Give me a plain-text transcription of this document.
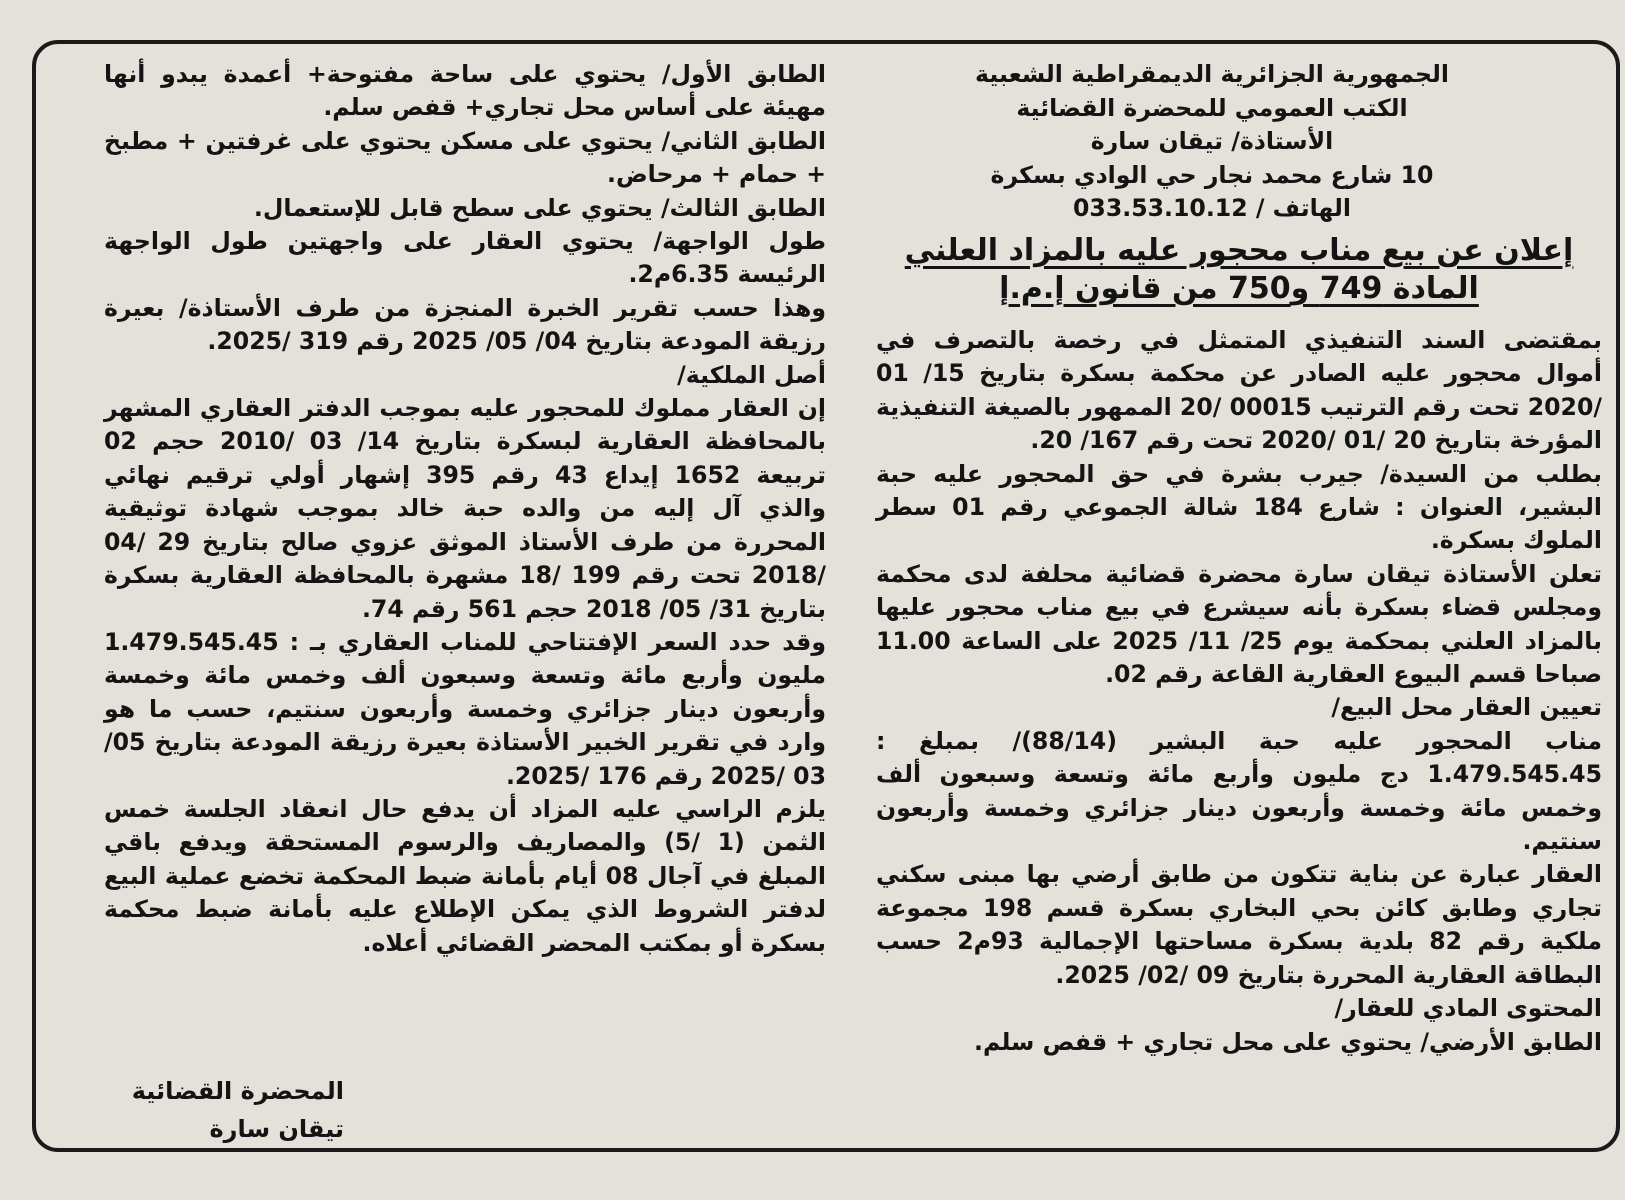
الجمهورية الجزائرية الديمقراطية الشعبية
الكتب العمومي للمحضرة القضائية
الأستاذة/ تيقان سارة
10 شارع محمد نجار حي الوادي بسكرة
الهاتف / 033.53.10.12
إعلان عن بيع مناب محجور عليه بالمزاد العلني
المادة 749 و750 من قانون إ.م.إ

بمقتضى السند التنفيذي المتمثل في رخصة بالتصرف في أموال محجور عليه الصادر عن محكمة بسكرة بتاريخ 15/ 01 /2020 تحت رقم الترتيب 00015 /20 الممهور بالصيغة التنفيذية المؤرخة بتاريخ 20 /01 /2020 تحت رقم 167/ 20.

بطلب من السيدة/ جيرب بشرة في حق المحجور عليه حبة البشير، العنوان : شارع 184 شالة الجموعي رقم 01 سطر الملوك بسكرة.

تعلن الأستاذة تيقان سارة محضرة قضائية محلفة لدى محكمة ومجلس قضاء بسكرة بأنه سيشرع في بيع مناب محجور عليها بالمزاد العلني بمحكمة يوم 25/ 11/ 2025 على الساعة 11.00 صباحا قسم البيوع العقارية القاعة رقم 02.

تعيين العقار محل البيع/

مناب المحجور عليه حبة البشير (88/14)/ بمبلغ : 1.479.545.45 دج مليون وأربع مائة وتسعة وسبعون ألف وخمس مائة وخمسة وأربعون دينار جزائري وخمسة وأربعون سنتيم.

العقار عبارة عن بناية تتكون من طابق أرضي بها مبنى سكني تجاري وطابق كائن بحي البخاري بسكرة قسم 198 مجموعة ملكية رقم 82 بلدية بسكرة مساحتها الإجمالية 93م2 حسب البطاقة العقارية المحررة بتاريخ 09 /02/ 2025.

المحتوى المادي للعقار/

الطابق الأرضي/ يحتوي على محل تجاري + قفص سلم.

الطابق الأول/ يحتوي على ساحة مفتوحة+ أعمدة يبدو أنها مهيئة على أساس محل تجاري+ قفص سلم.

الطابق الثاني/ يحتوي على مسكن يحتوي على غرفتين + مطبخ + حمام + مرحاض.

الطابق الثالث/ يحتوي على سطح قابل للإستعمال.

طول الواجهة/ يحتوي العقار على واجهتين طول الواجهة الرئيسة 6.35م2.

وهذا حسب تقرير الخبرة المنجزة من طرف الأستاذة/ بعيرة رزيقة المودعة بتاريخ 04/ 05/ 2025 رقم 319 /2025.

أصل الملكية/

إن العقار مملوك للمحجور عليه بموجب الدفتر العقاري المشهر بالمحافظة العقارية لبسكرة بتاريخ 14/ 03 /2010 حجم 02 تربيعة 1652 إيداع 43 رقم 395 إشهار أولي ترقيم نهائي والذي آل إليه من والده حبة خالد بموجب شهادة توثيقية المحررة من طرف الأستاذ الموثق عزوي صالح بتاريخ 29 /04 /2018 تحت رقم 199 /18 مشهرة بالمحافظة العقارية بسكرة بتاريخ 31/ 05/ 2018 حجم 561 رقم 74.

وقد حدد السعر الإفتتاحي للمناب العقاري بـ : 1.479.545.45 مليون وأربع مائة وتسعة وسبعون ألف وخمس مائة وخمسة وأربعون دينار جزائري وخمسة وأربعون سنتيم، حسب ما هو وارد في تقرير الخبير الأستاذة بعيرة رزيقة المودعة بتاريخ 05/ 03 /2025 رقم 176 /2025.

يلزم الراسي عليه المزاد أن يدفع حال انعقاد الجلسة خمس الثمن (1 /5) والمصاريف والرسوم المستحقة ويدفع باقي المبلغ في آجال 08 أيام بأمانة ضبط المحكمة تخضع عملية البيع لدفتر الشروط الذي يمكن الإطلاع عليه بأمانة ضبط محكمة بسكرة أو بمكتب المحضر القضائي أعلاه.

المحضرة القضائية
تيقان سارة
